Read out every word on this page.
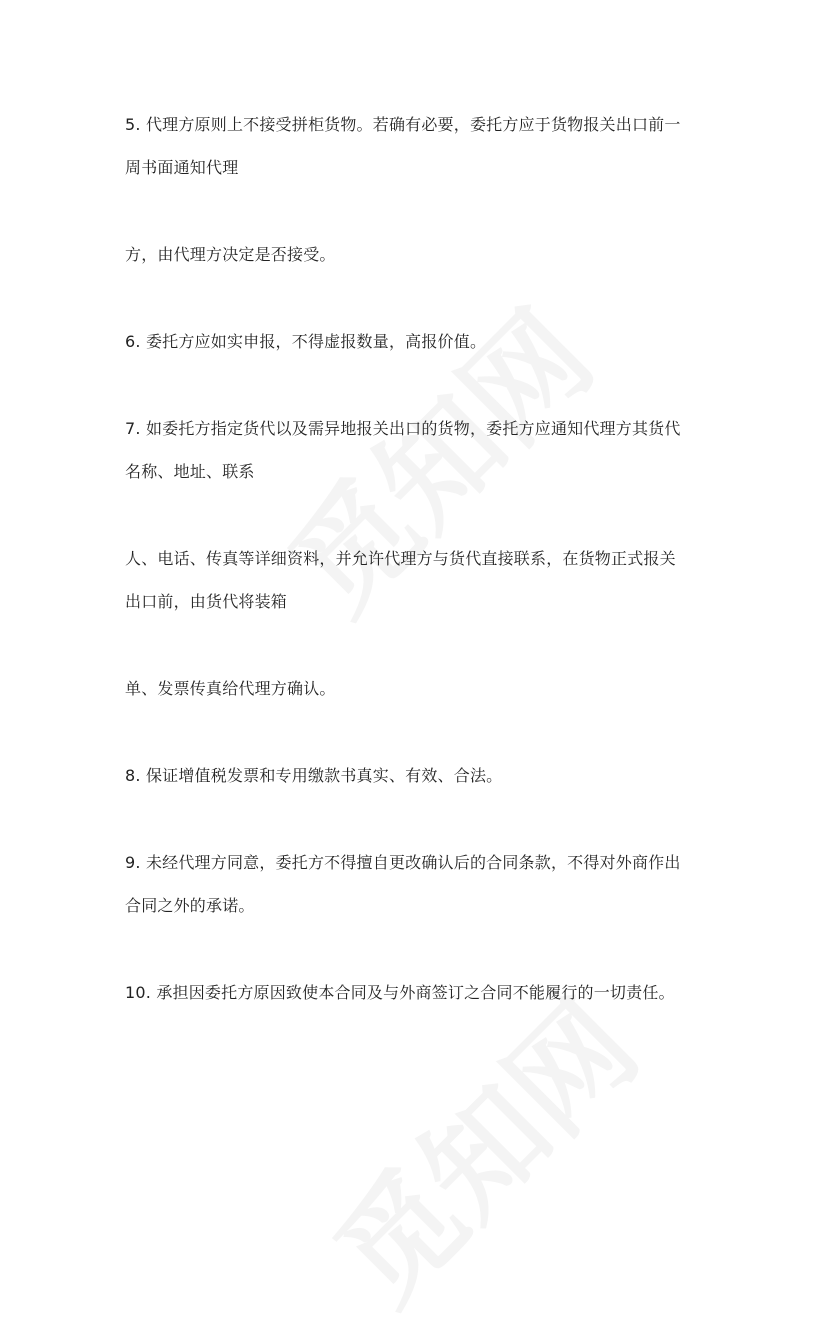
5. 代理方原则上不接受拼柜货物。若确有必要，委托方应于货物报关出口前一
周书面通知代理
方，由代理方决定是否接受。
6. 委托方应如实申报，不得虚报数量，高报价值。
7. 如委托方指定货代以及需异地报关出口的货物，委托方应通知代理方其货代
名称、地址、联系
人、电话、传真等详细资料，并允许代理方与货代直接联系，在货物正式报关
出口前，由货代将装箱
单、发票传真给代理方确认。
8. 保证增值税发票和专用缴款书真实、有效、合法。
9. 未经代理方同意，委托方不得擅自更改确认后的合同条款，不得对外商作出
合同之外的承诺。
10. 承担因委托方原因致使本合同及与外商签订之合同不能履行的一切责任。
